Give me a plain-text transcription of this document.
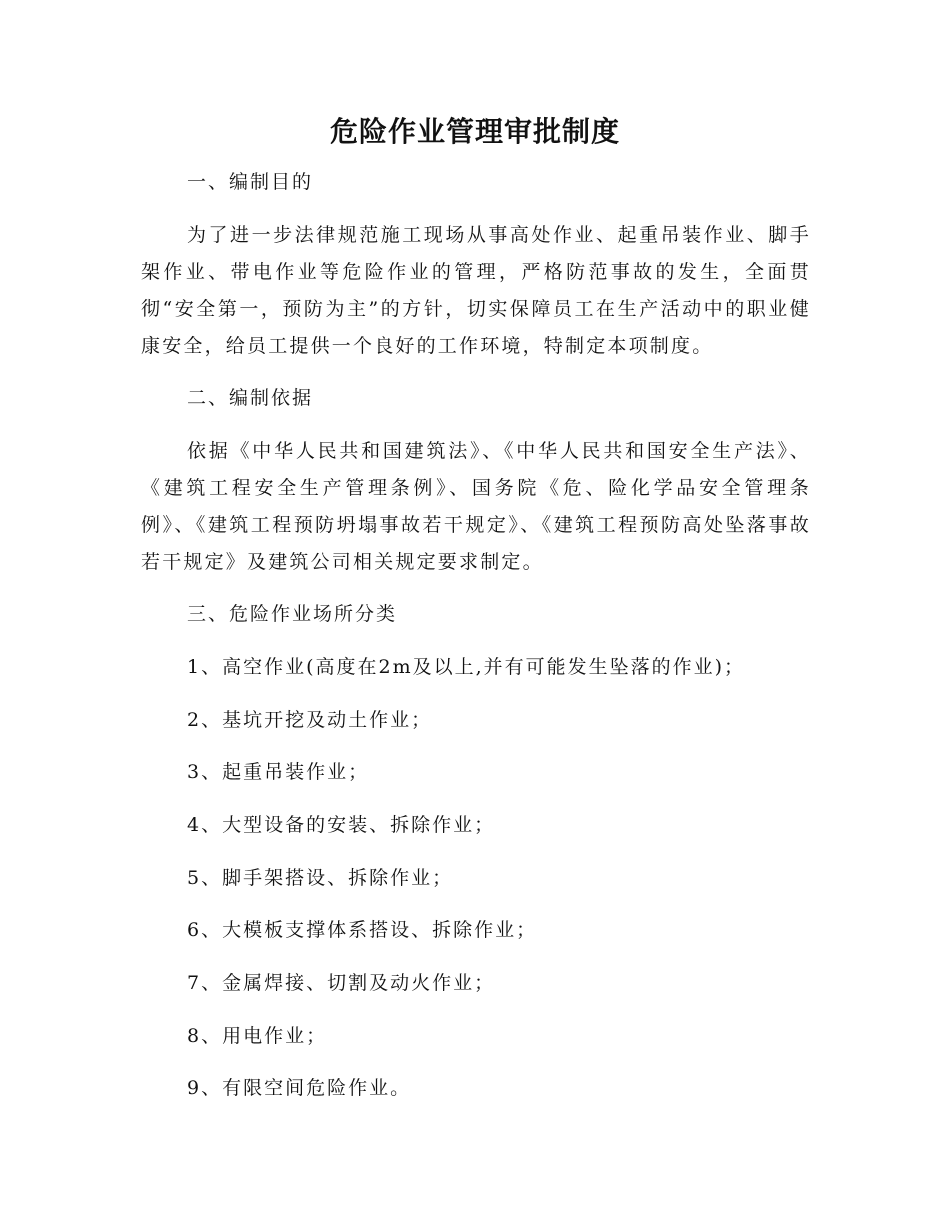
危险作业管理审批制度
一、编制目的
为了进一步法律规范施工现场从事高处作业、起重吊装作业、脚手架作业、带电作业等危险作业的管理，严格防范事故的发生，全面贯彻“安全第一，预防为主”的方针，切实保障员工在生产活动中的职业健康安全，给员工提供一个良好的工作环境，特制定本项制度。
二、编制依据
依据《中华人民共和国建筑法》、《中华人民共和国安全生产法》、《建筑工程安全生产管理条例》、国务院《危、险化学品安全管理条例》、《建筑工程预防坍塌事故若干规定》、《建筑工程预防高处坠落事故若干规定》及建筑公司相关规定要求制定。
三、危险作业场所分类
1、高空作业(高度在2m及以上,并有可能发生坠落的作业)；
2、基坑开挖及动土作业；
3、起重吊装作业；
4、大型设备的安装、拆除作业；
5、脚手架搭设、拆除作业；
6、大模板支撑体系搭设、拆除作业；
7、金属焊接、切割及动火作业；
8、用电作业；
9、有限空间危险作业。
